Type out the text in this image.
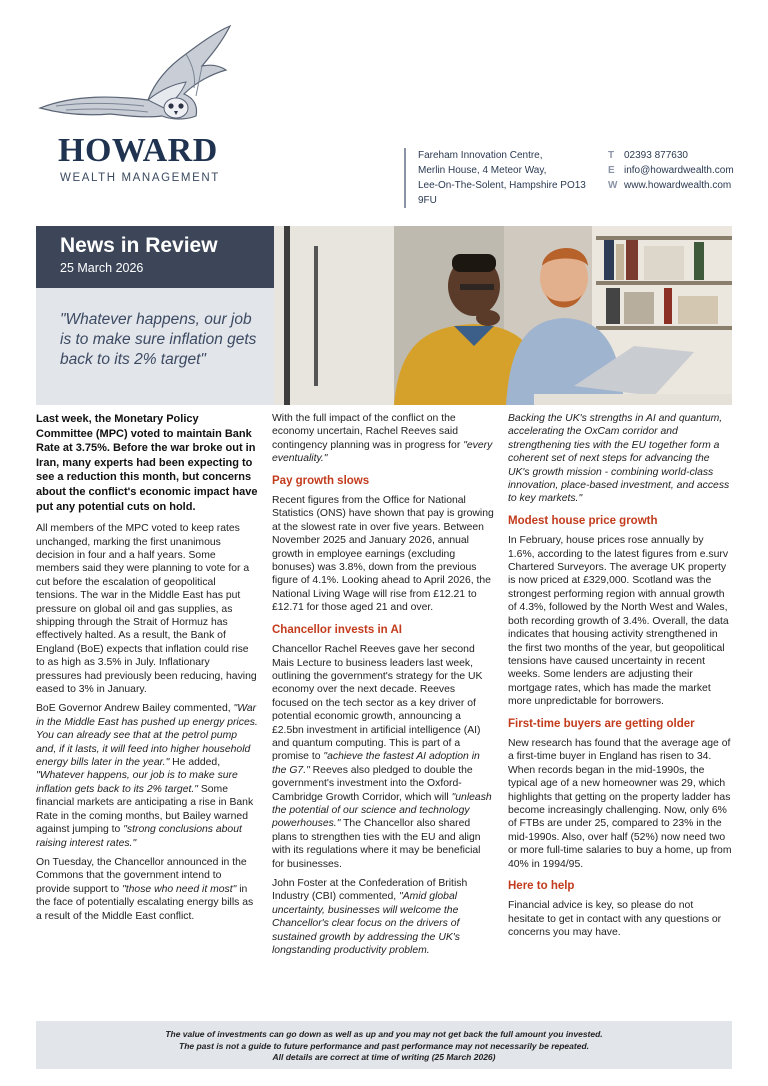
HOWARD
WEALTH MANAGEMENT
Fareham Innovation Centre,
Merlin House, 4 Meteor Way,
Lee-On-The-Solent, Hampshire PO13 9FU
T 02393 877630
E info@howardwealth.com
W www.howardwealth.com
News in Review
25 March 2026
"Whatever happens, our job is to make sure inflation gets back to its 2% target"

Last week, the Monetary Policy Committee (MPC) voted to maintain Bank Rate at 3.75%. Before the war broke out in Iran, many experts had been expecting to see a reduction this month, but concerns about the conflict's economic impact have put any potential cuts on hold.

All members of the MPC voted to keep rates unchanged, marking the first unanimous decision in four and a half years. Some members said they were planning to vote for a cut before the escalation of geopolitical tensions. The war in the Middle East has put pressure on global oil and gas supplies, as shipping through the Strait of Hormuz has effectively halted. As a result, the Bank of England (BoE) expects that inflation could rise to as high as 3.5% in July. Inflationary pressures had previously been reducing, having eased to 3% in January.

BoE Governor Andrew Bailey commented, "War in the Middle East has pushed up energy prices. You can already see that at the petrol pump and, if it lasts, it will feed into higher household energy bills later in the year." He added, "Whatever happens, our job is to make sure inflation gets back to its 2% target." Some financial markets are anticipating a rise in Bank Rate in the coming months, but Bailey warned against jumping to "strong conclusions about raising interest rates."

On Tuesday, the Chancellor announced in the Commons that the government intend to provide support to "those who need it most" in the face of potentially escalating energy bills as a result of the Middle East conflict.

With the full impact of the conflict on the economy uncertain, Rachel Reeves said contingency planning was in progress for "every eventuality."

Pay growth slows

Recent figures from the Office for National Statistics (ONS) have shown that pay is growing at the slowest rate in over five years. Between November 2025 and January 2026, annual growth in employee earnings (excluding bonuses) was 3.8%, down from the previous figure of 4.1%. Looking ahead to April 2026, the National Living Wage will rise from £12.21 to £12.71 for those aged 21 and over.

Chancellor invests in AI

Chancellor Rachel Reeves gave her second Mais Lecture to business leaders last week, outlining the government's strategy for the UK economy over the next decade. Reeves focused on the tech sector as a key driver of potential economic growth, announcing a £2.5bn investment in artificial intelligence (AI) and quantum computing. This is part of a promise to "achieve the fastest AI adoption in the G7." Reeves also pledged to double the government's investment into the Oxford-Cambridge Growth Corridor, which will "unleash the potential of our science and technology powerhouses." The Chancellor also shared plans to strengthen ties with the EU and align with its regulations where it may be beneficial for businesses.

John Foster at the Confederation of British Industry (CBI) commented, "Amid global uncertainty, businesses will welcome the Chancellor's clear focus on the drivers of sustained growth by addressing the UK's longstanding productivity problem.

Backing the UK's strengths in AI and quantum, accelerating the OxCam corridor and strengthening ties with the EU together form a coherent set of next steps for advancing the UK's growth mission - combining world-class innovation, place-based investment, and access to key markets."

Modest house price growth

In February, house prices rose annually by 1.6%, according to the latest figures from e.surv Chartered Surveyors. The average UK property is now priced at £329,000. Scotland was the strongest performing region with annual growth of 4.3%, followed by the North West and Wales, both recording growth of 3.4%. Overall, the data indicates that housing activity strengthened in the first two months of the year, but geopolitical tensions have caused uncertainty in recent weeks. Some lenders are adjusting their mortgage rates, which has made the market more unpredictable for borrowers.

First-time buyers are getting older

New research has found that the average age of a first-time buyer in England has risen to 34. When records began in the mid-1990s, the typical age of a new homeowner was 29, which highlights that getting on the property ladder has become increasingly challenging. Now, only 6% of FTBs are under 25, compared to 23% in the mid-1990s. Also, over half (52%) now need two or more full-time salaries to buy a home, up from 40% in 1994/95.

Here to help

Financial advice is key, so please do not hesitate to get in contact with any questions or concerns you may have.

The value of investments can go down as well as up and you may not get back the full amount you invested.
The past is not a guide to future performance and past performance may not necessarily be repeated.
All details are correct at time of writing (25 March 2026)
